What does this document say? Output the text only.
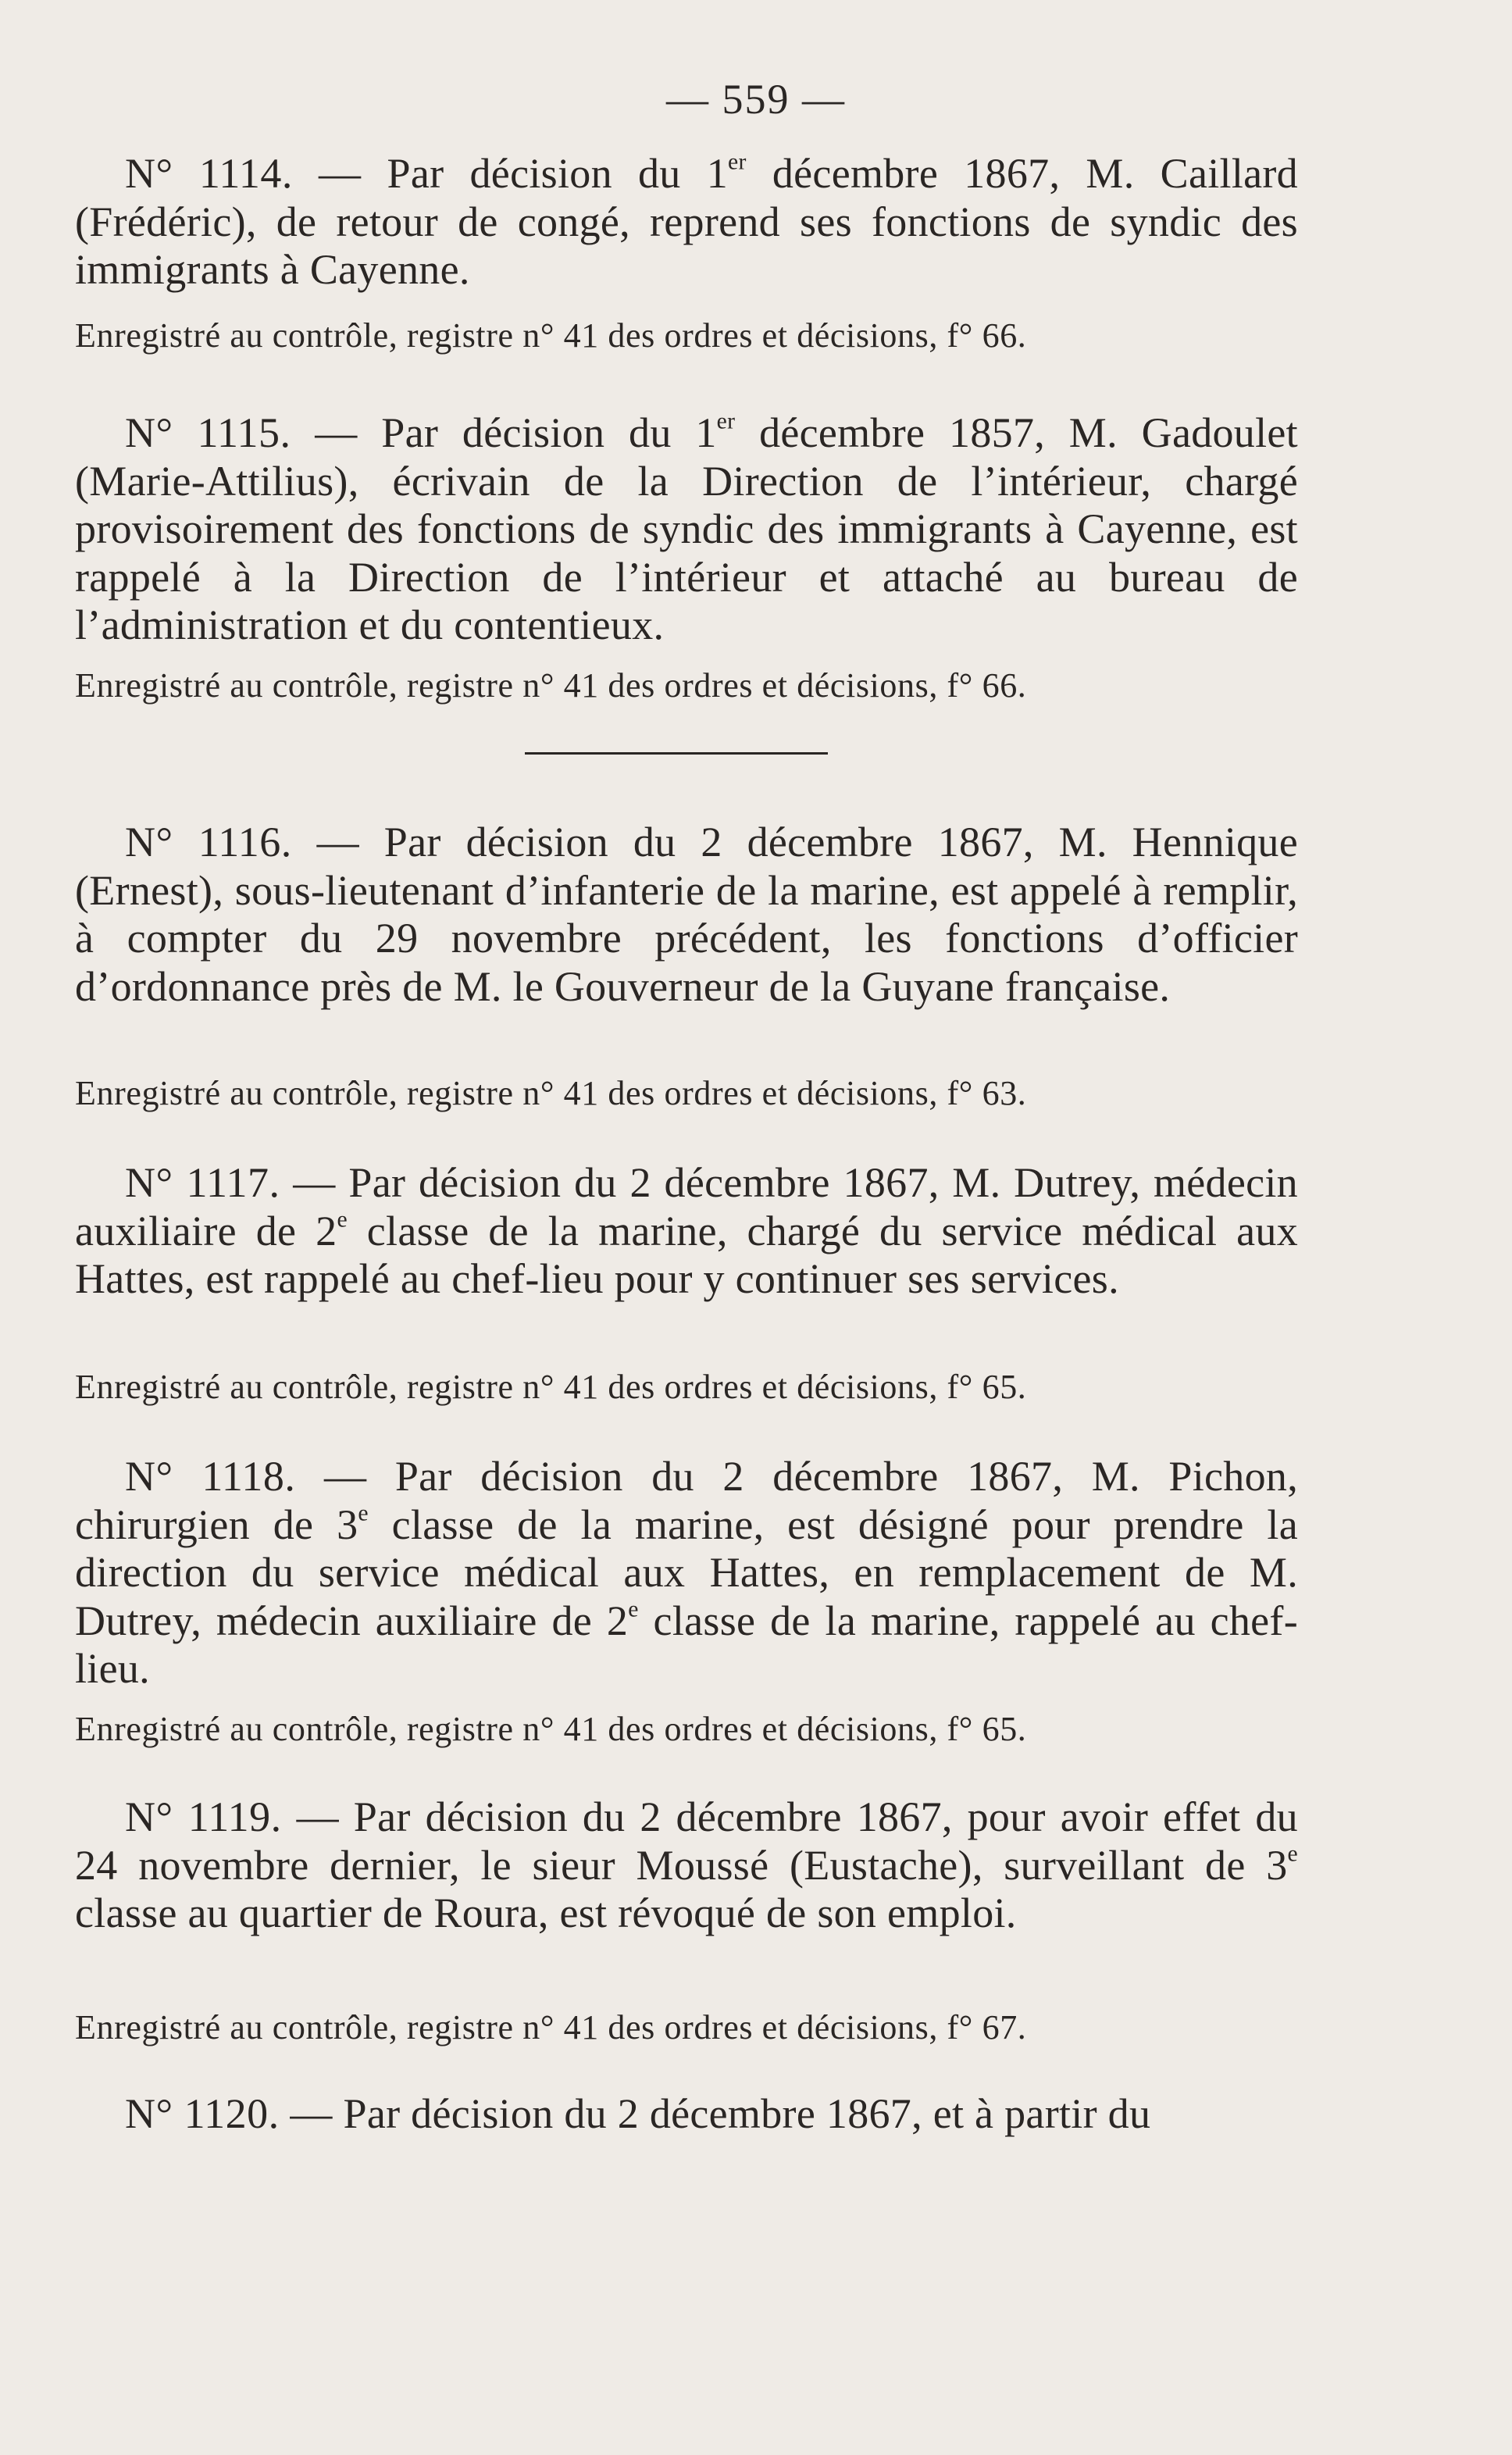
— 559 —

N° 1114. — Par décision du 1er décembre 1867, M. Caillard (Frédéric), de retour de congé, reprend ses fonctions de syndic des immigrants à Cayenne.

Enregistré au contrôle, registre n° 41 des ordres et décisions, f° 66.

N° 1115. — Par décision du 1er décembre 1857, M. Gadoulet (Marie-Attilius), écrivain de la Direction de l’intérieur, chargé provisoirement des fonctions de syndic des immigrants à Cayenne, est rappelé à la Direction de l’intérieur et attaché au bureau de l’administration et du contentieux.

Enregistré au contrôle, registre n° 41 des ordres et décisions, f° 66.

N° 1116. — Par décision du 2 décembre 1867, M. Hennique (Ernest), sous-lieutenant d’infanterie de la marine, est appelé à remplir, à compter du 29 novembre précédent, les fonctions d’officier d’ordonnance près de M. le Gouverneur de la Guyane française.

Enregistré au contrôle, registre n° 41 des ordres et décisions, f° 63.

N° 1117. — Par décision du 2 décembre 1867, M. Dutrey, médecin auxiliaire de 2e classe de la marine, chargé du service médical aux Hattes, est rappelé au chef-lieu pour y continuer ses services.

Enregistré au contrôle, registre n° 41 des ordres et décisions, f° 65.

N° 1118. — Par décision du 2 décembre 1867, M. Pichon, chirurgien de 3e classe de la marine, est désigné pour prendre la direction du service médical aux Hattes, en remplacement de M. Dutrey, médecin auxiliaire de 2e classe de la marine, rappelé au chef-lieu.

Enregistré au contrôle, registre n° 41 des ordres et décisions, f° 65.

N° 1119. — Par décision du 2 décembre 1867, pour avoir effet du 24 novembre dernier, le sieur Moussé (Eustache), surveillant de 3e classe au quartier de Roura, est révoqué de son emploi.

Enregistré au contrôle, registre n° 41 des ordres et décisions, f° 67.

N° 1120. — Par décision du 2 décembre 1867, et à partir du
